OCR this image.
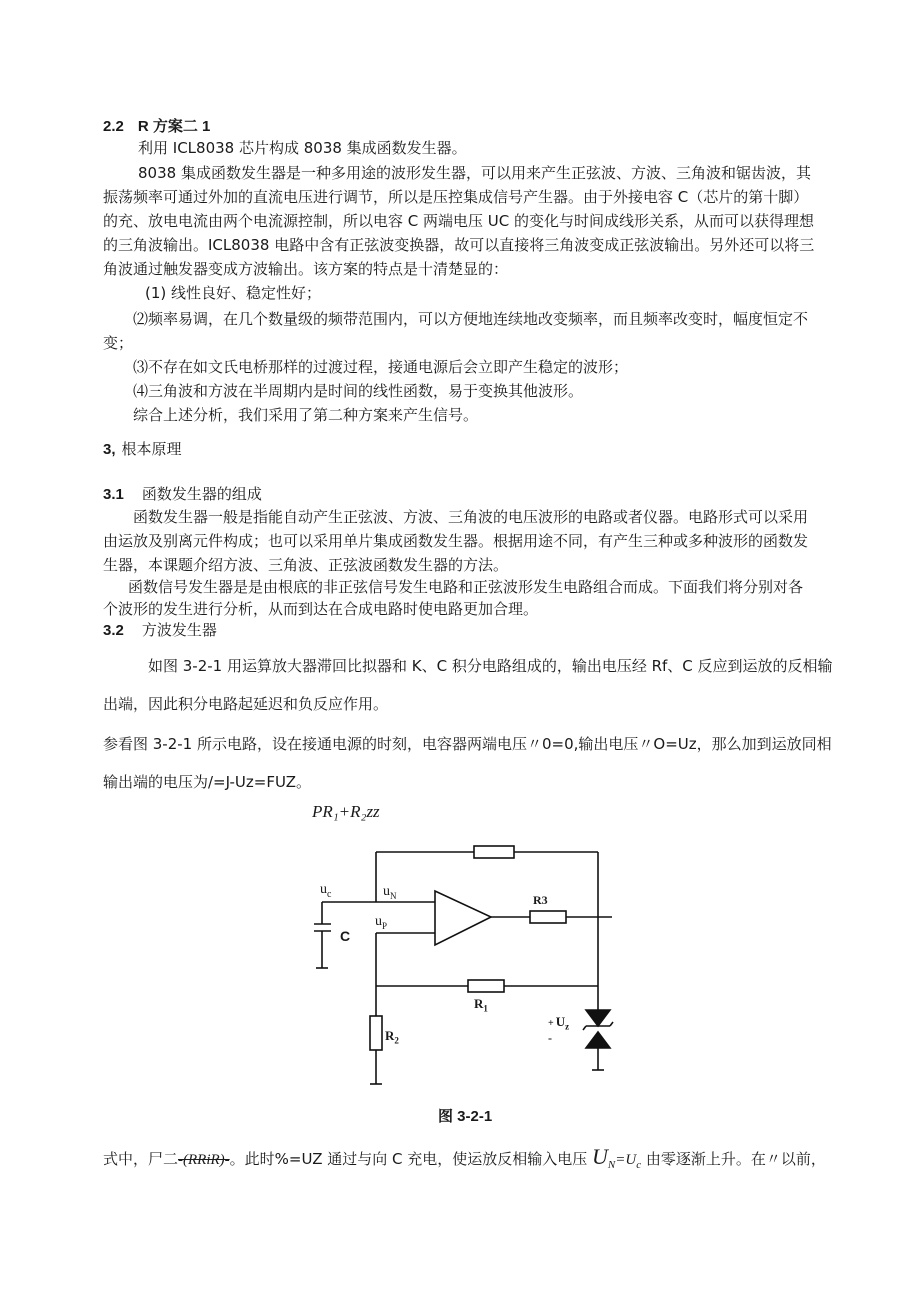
2.2 R 方案二 1
利用 ICL8038 芯片构成 8038 集成函数发生器。
8038 集成函数发生器是一种多用途的波形发生器，可以用来产生正弦波、方波、三角波和锯齿波，其
振荡频率可通过外加的直流电压进行调节，所以是压控集成信号产生器。由于外接电容 C（芯片的第十脚）
的充、放电电流由两个电流源控制，所以电容 C 两端电压 UC 的变化与时间成线形关系，从而可以获得理想
的三角波输出。ICL8038 电路中含有正弦波变换器，故可以直接将三角波变成正弦波输出。另外还可以将三
角波通过触发器变成方波输出。该方案的特点是十清楚显的：
(1) 线性良好、稳定性好；
⑵频率易调，在几个数量级的频带范围内，可以方便地连续地改变频率，而且频率改变时，幅度恒定不
变；
⑶不存在如文氏电桥那样的过渡过程，接通电源后会立即产生稳定的波形；
⑷三角波和方波在半周期内是时间的线性函数，易于变换其他波形。
综合上述分析，我们采用了第二种方案来产生信号。
3, 根本原理
3.1 函数发生器的组成
函数发生器一般是指能自动产生正弦波、方波、三角波的电压波形的电路或者仪器。电路形式可以采用
由运放及别离元件构成；也可以采用单片集成函数发生器。根据用途不同，有产生三种或多种波形的函数发
生器，本课题介绍方波、三角波、正弦波函数发生器的方法。
函数信号发生器是是由根底的非正弦信号发生电路和正弦波形发生电路组合而成。下面我们将分别对各
个波形的发生进行分析，从而到达在合成电路时使电路更加合理。
3.2 方波发生器
如图 3-2-1 用运算放大器滞回比拟器和 K、C 积分电路组成的，输出电压经 Rf、C 反应到运放的反相输
出端，因此积分电路起延迟和负反应作用。
参看图 3-2-1 所示电路，设在接通电源的时刻，电容器两端电压〃0=0,输出电压〃O=Uz，那么加到运放同相
输出端的电压为/=J-Uz=FUZ。
PR₁+R₂zz
$u_c$	$u_N$
$u_P$
C
R3
$R_1$
$R_2$
+ $U_z$
-
图 3-2-1
式中，尸二-(RRiR)-。此时%=UZ 通过与向 C 充电，使运放反相输入电压 $U_N=U_c$ 由零逐渐上升。在〃以前，
